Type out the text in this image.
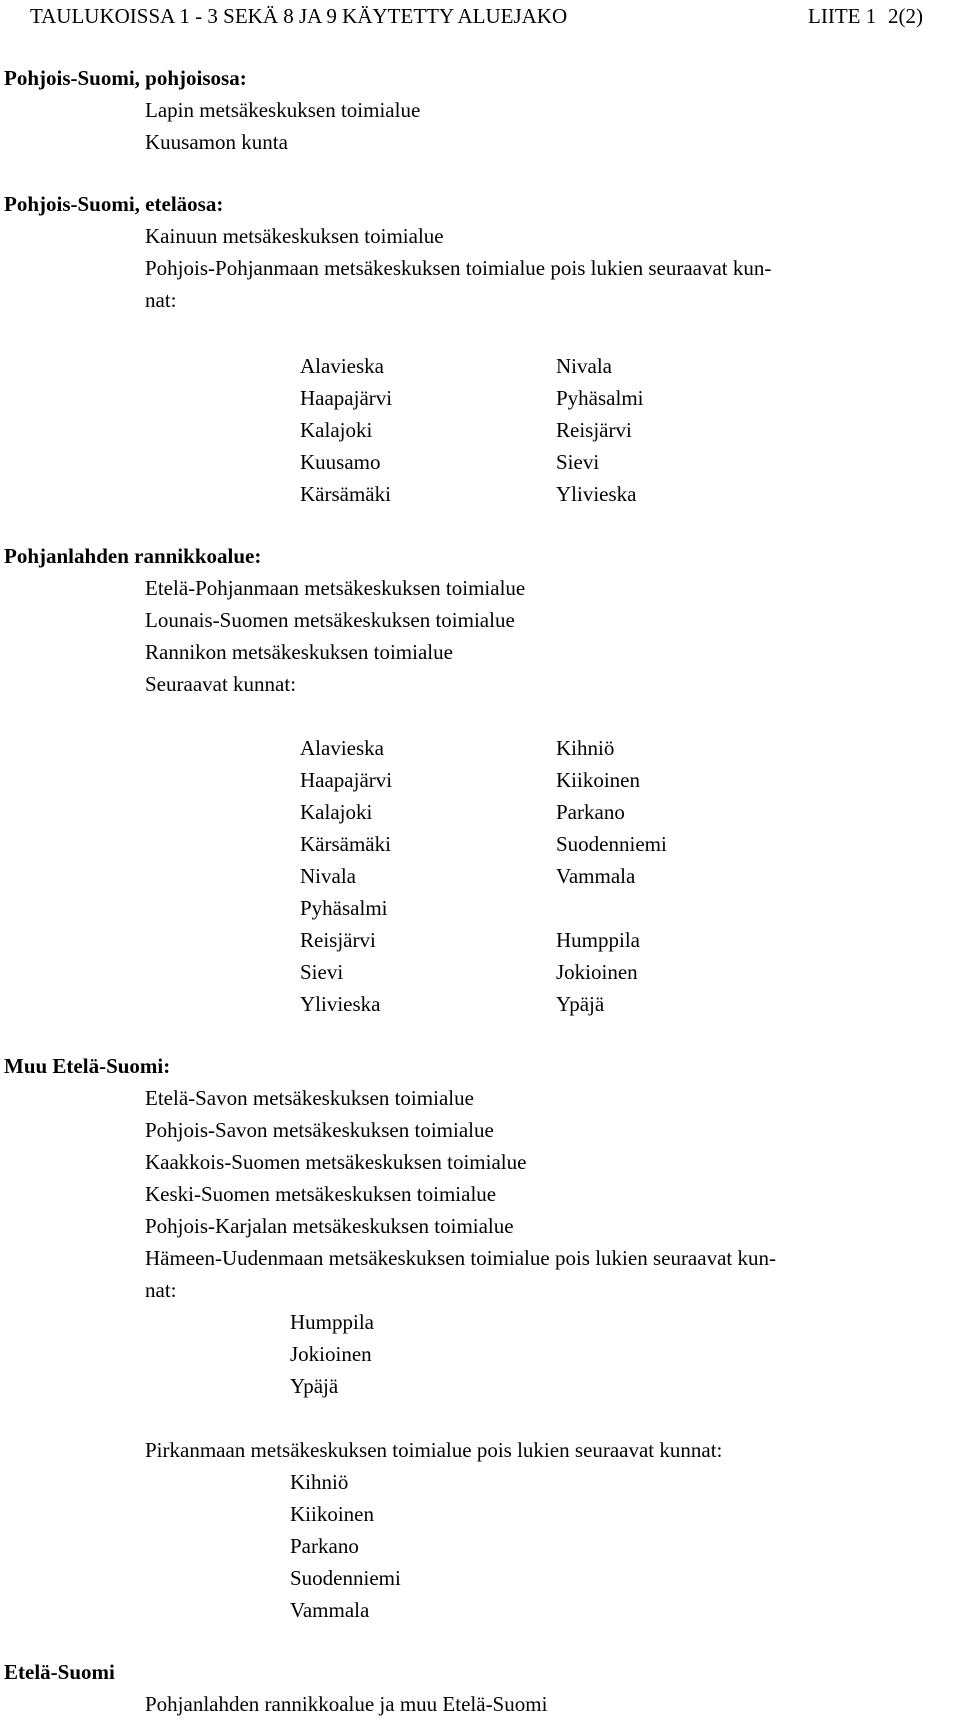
TAULUKOISSA 1 - 3 SEKÄ 8 JA 9 KÄYTETTY ALUEJAKO	LIITE 1 2(2)
Pohjois-Suomi, pohjoisosa:
Lapin metsäkeskuksen toimialue
Kuusamon kunta
Pohjois-Suomi, eteläosa:
Kainuun metsäkeskuksen toimialue
Pohjois-Pohjanmaan metsäkeskuksen toimialue pois lukien seuraavat kun-
nat:
Alavieska
Haapajärvi
Kalajoki
Kuusamo
Kärsämäki
Nivala
Pyhäsalmi
Reisjärvi
Sievi
Ylivieska
Pohjanlahden rannikkoalue:
Etelä-Pohjanmaan metsäkeskuksen toimialue
Lounais-Suomen metsäkeskuksen toimialue
Rannikon metsäkeskuksen toimialue
Seuraavat kunnat:
Alavieska
Haapajärvi
Kalajoki
Kärsämäki
Nivala
Pyhäsalmi
Reisjärvi
Sievi
Ylivieska
Kihniö
Kiikoinen
Parkano
Suodenniemi
Vammala
Humppila
Jokioinen
Ypäjä
Muu Etelä-Suomi:
Etelä-Savon metsäkeskuksen toimialue
Pohjois-Savon metsäkeskuksen toimialue
Kaakkois-Suomen metsäkeskuksen toimialue
Keski-Suomen metsäkeskuksen toimialue
Pohjois-Karjalan metsäkeskuksen toimialue
Hämeen-Uudenmaan metsäkeskuksen toimialue pois lukien seuraavat kun-
nat:
Humppila
Jokioinen
Ypäjä
Pirkanmaan metsäkeskuksen toimialue pois lukien seuraavat kunnat:
Kihniö
Kiikoinen
Parkano
Suodenniemi
Vammala
Etelä-Suomi
Pohjanlahden rannikkoalue ja muu Etelä-Suomi
